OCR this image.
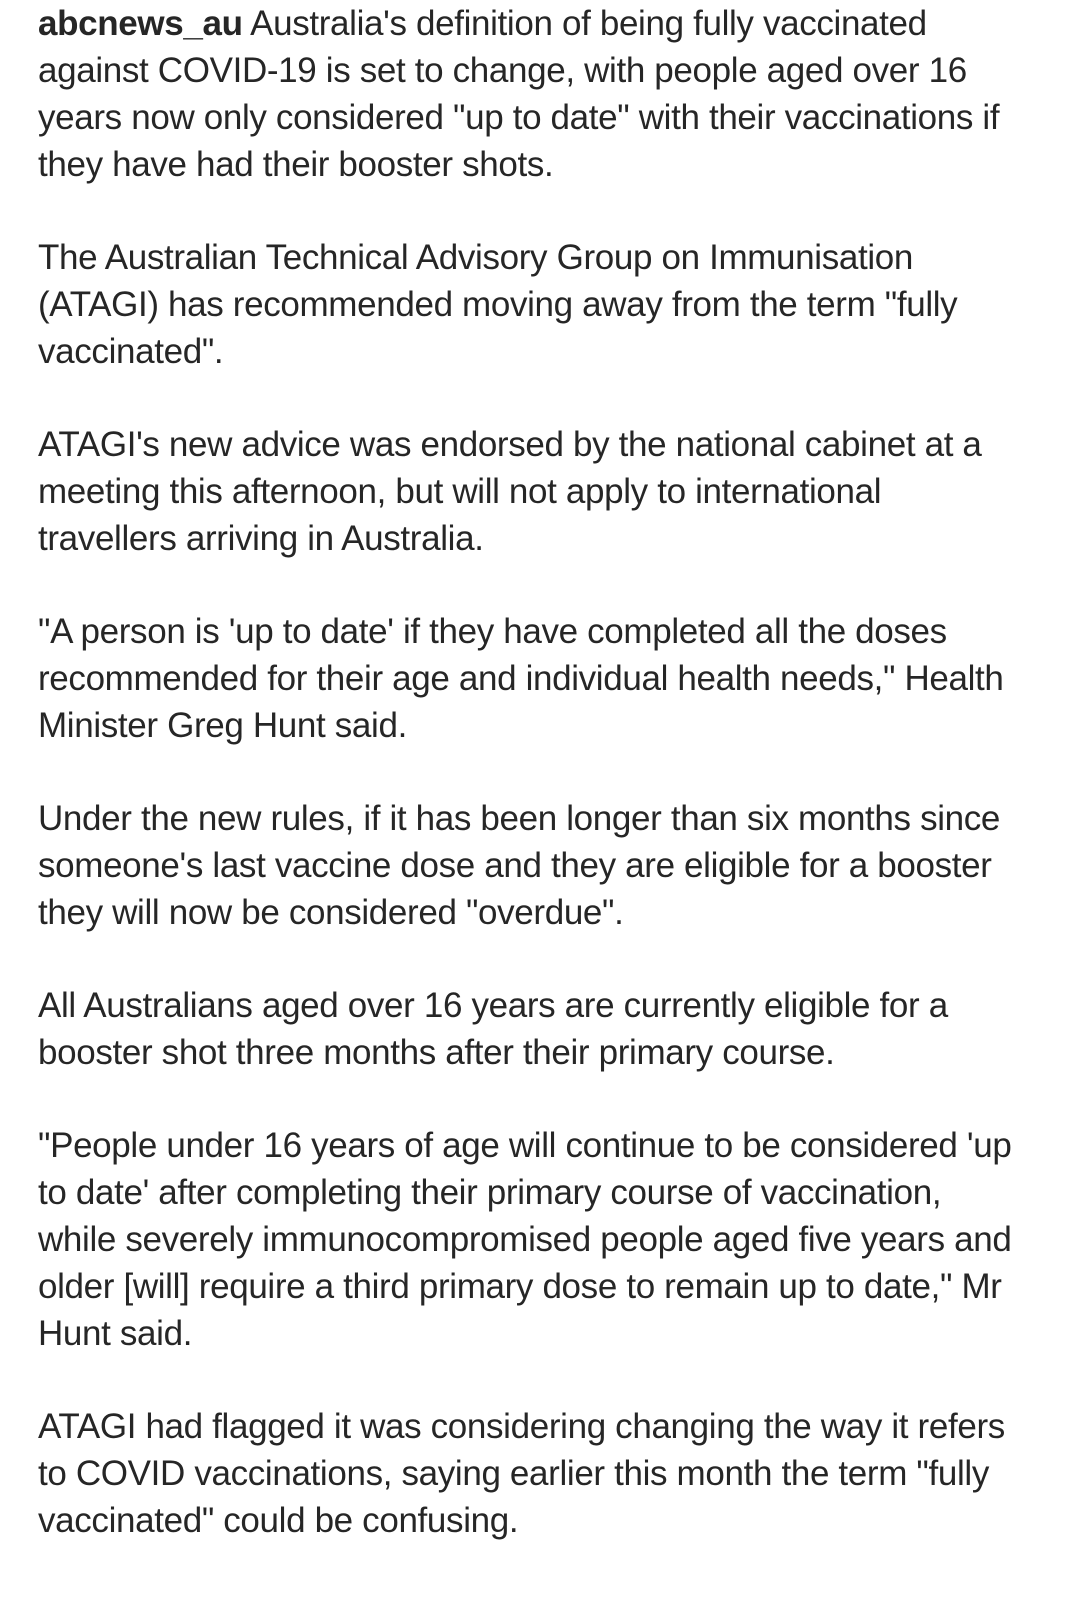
abcnews_au Australia's definition of being fully vaccinated against COVID-19 is set to change, with people aged over 16 years now only considered "up to date" with their vaccinations if they have had their booster shots.

The Australian Technical Advisory Group on Immunisation (ATAGI) has recommended moving away from the term "fully vaccinated".

ATAGI's new advice was endorsed by the national cabinet at a meeting this afternoon, but will not apply to international travellers arriving in Australia.

"A person is 'up to date' if they have completed all the doses recommended for their age and individual health needs," Health Minister Greg Hunt said.

Under the new rules, if it has been longer than six months since someone's last vaccine dose and they are eligible for a booster they will now be considered "overdue".

All Australians aged over 16 years are currently eligible for a booster shot three months after their primary course.

"People under 16 years of age will continue to be considered 'up to date' after completing their primary course of vaccination, while severely immunocompromised people aged five years and older [will] require a third primary dose to remain up to date," Mr Hunt said.

ATAGI had flagged it was considering changing the way it refers to COVID vaccinations, saying earlier this month the term "fully vaccinated" could be confusing.
